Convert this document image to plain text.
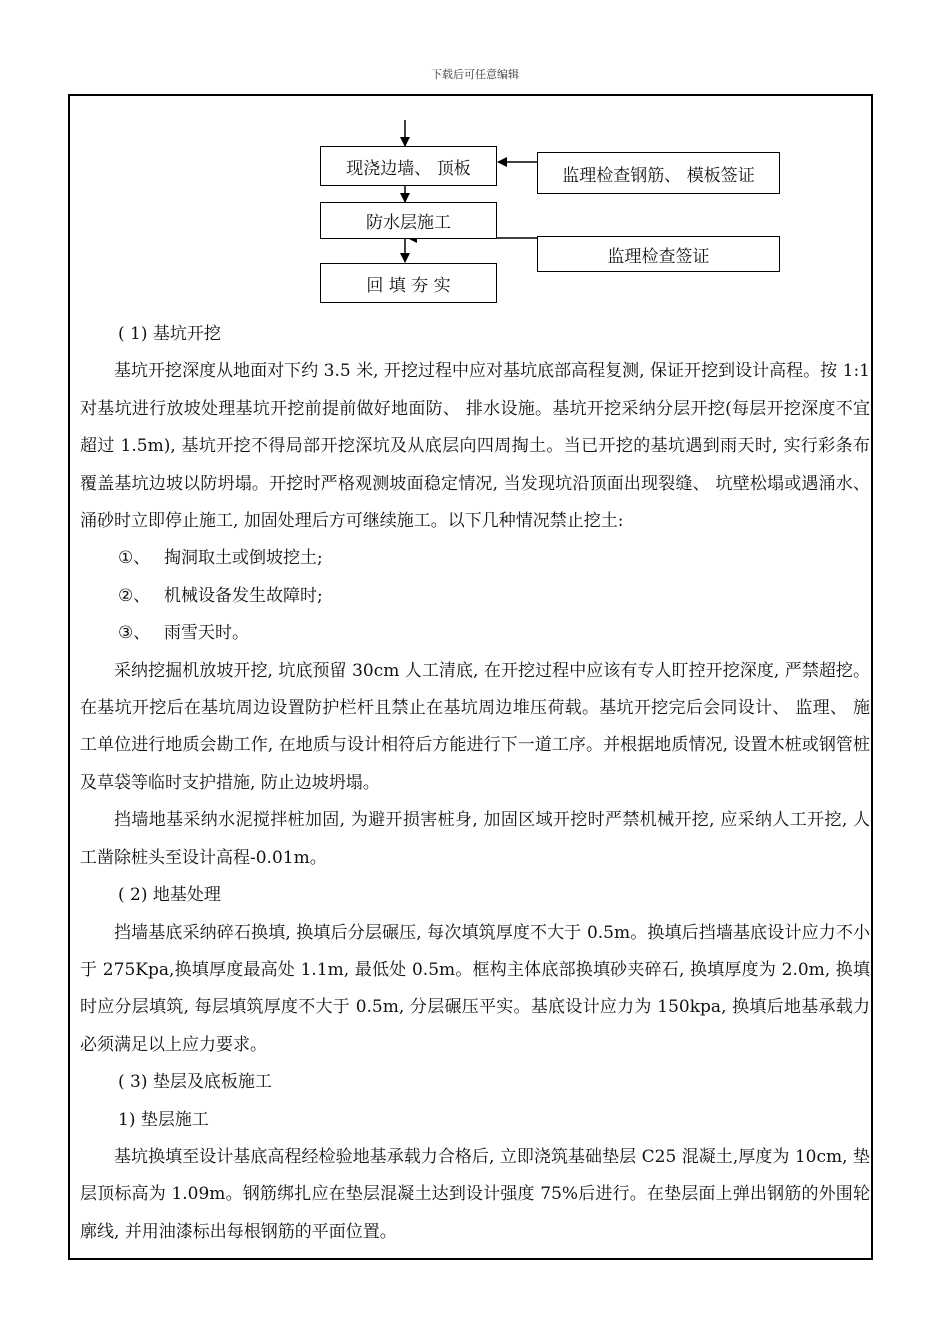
下载后可任意编辑
现浇边墙、 顶板
防水层施工
回 填 夯 实
监理检查钢筋、 模板签证
监理检查签证

( 1) 基坑开挖

基坑开挖深度从地面对下约 3.5 米, 开挖过程中应对基坑底部高程复测, 保证开挖到设计高程。按 1:1 对基坑进行放坡处理基坑开挖前提前做好地面防、 排水设施。基坑开挖采纳分层开挖(每层开挖深度不宜超过 1.5m), 基坑开挖不得局部开挖深坑及从底层向四周掏土。当已开挖的基坑遇到雨天时, 实行彩条布覆盖基坑边坡以防坍塌。开挖时严格观测坡面稳定情况, 当发现坑沿顶面出现裂缝、 坑壁松塌或遇涌水、 涌砂时立即停止施工, 加固处理后方可继续施工。以下几种情况禁止挖土:

①、 掏洞取土或倒坡挖土;

②、 机械设备发生故障时;

③、 雨雪天时。

采纳挖掘机放坡开挖, 坑底预留 30cm 人工清底, 在开挖过程中应该有专人盯控开挖深度, 严禁超挖。在基坑开挖后在基坑周边设置防护栏杆且禁止在基坑周边堆压荷载。基坑开挖完后会同设计、 监理、 施工单位进行地质会勘工作, 在地质与设计相符后方能进行下一道工序。并根据地质情况, 设置木桩或钢管桩及草袋等临时支护措施, 防止边坡坍塌。

挡墙地基采纳水泥搅拌桩加固, 为避开损害桩身, 加固区域开挖时严禁机械开挖, 应采纳人工开挖, 人工凿除桩头至设计高程-0.01m。

( 2) 地基处理

挡墙基底采纳碎石换填, 换填后分层碾压, 每次填筑厚度不大于 0.5m。换填后挡墙基底设计应力不小于 275Kpa,换填厚度最高处 1.1m, 最低处 0.5m。框构主体底部换填砂夹碎石, 换填厚度为 2.0m, 换填时应分层填筑, 每层填筑厚度不大于 0.5m, 分层碾压平实。基底设计应力为 150kpa, 换填后地基承载力必须满足以上应力要求。

( 3) 垫层及底板施工

1) 垫层施工

基坑换填至设计基底高程经检验地基承载力合格后, 立即浇筑基础垫层 C25 混凝土,厚度为 10cm, 垫层顶标高为 1.09m。钢筋绑扎应在垫层混凝土达到设计强度 75%后进行。在垫层面上弹出钢筋的外围轮廓线, 并用油漆标出每根钢筋的平面位置。
